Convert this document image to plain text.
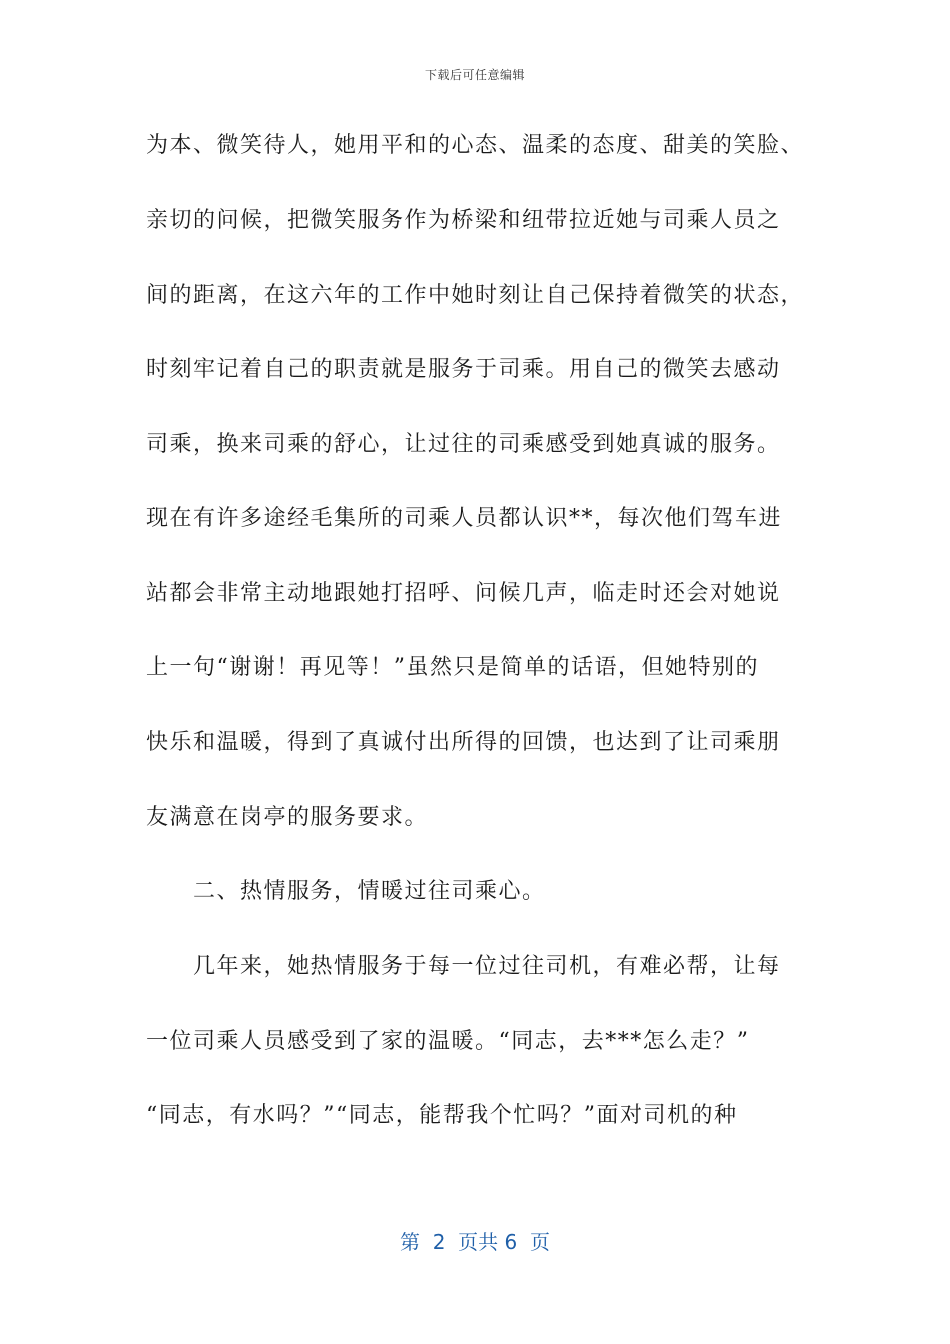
下载后可任意编辑
为本、微笑待人，她用平和的心态、温柔的态度、甜美的笑脸、
亲切的问候，把微笑服务作为桥梁和纽带拉近她与司乘人员之
间的距离，在这六年的工作中她时刻让自己保持着微笑的状态，
时刻牢记着自己的职责就是服务于司乘。用自己的微笑去感动
司乘，换来司乘的舒心，让过往的司乘感受到她真诚的服务。
现在有许多途经毛集所的司乘人员都认识**，每次他们驾车进
站都会非常主动地跟她打招呼、问候几声，临走时还会对她说
上一句“谢谢！再见等！”虽然只是简单的话语，但她特别的
快乐和温暖，得到了真诚付出所得的回馈，也达到了让司乘朋
友满意在岗亭的服务要求。
　　二、热情服务，情暖过往司乘心。
　　几年来，她热情服务于每一位过往司机，有难必帮，让每
一位司乘人员感受到了家的温暖。“同志，去***怎么走？”
“同志，有水吗？”“同志，能帮我个忙吗？”面对司机的种
第  2  页共 6  页
